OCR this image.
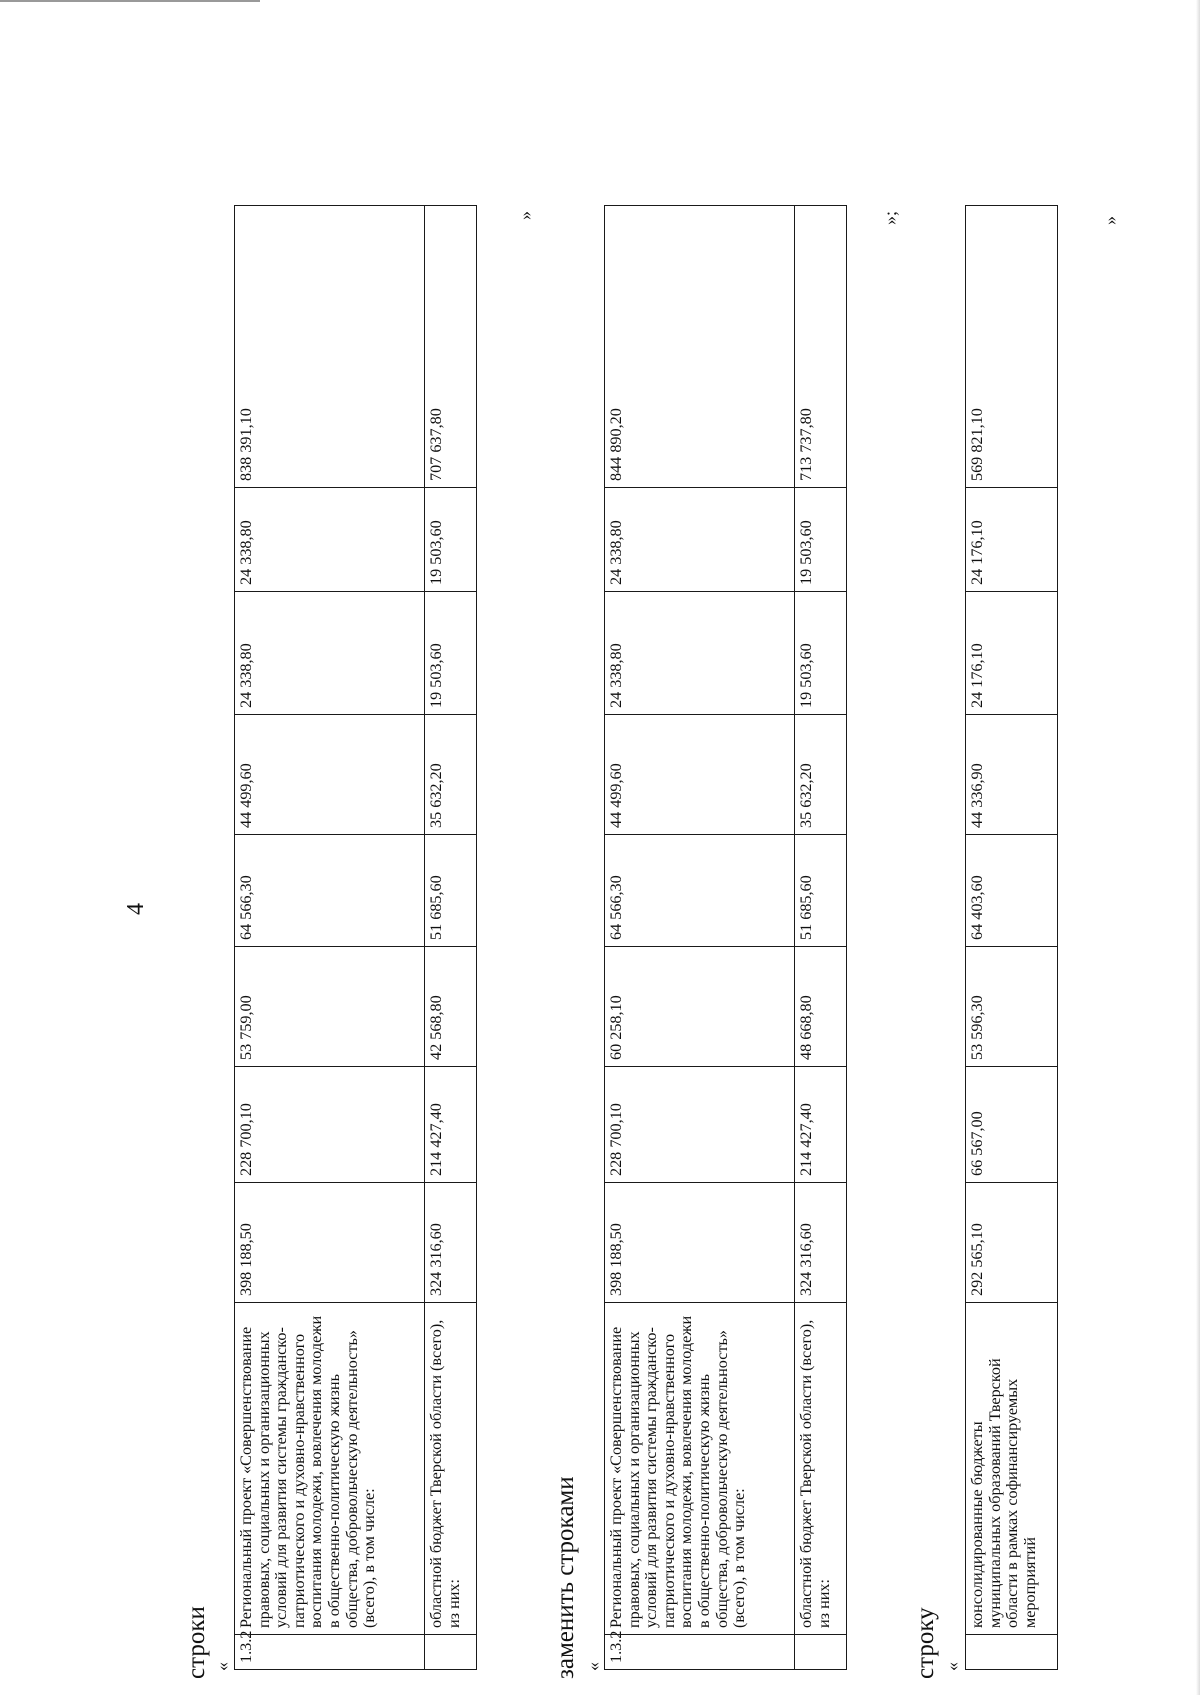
4
строки «
1.3.2	Региональный проект «Совершенствование правовых, социальных и организационных условий для развития системы гражданско-патриотического и духовно-нравственного воспитания молодежи, вовлечения молодежи в общественно-политическую жизнь общества, добровольческую деятельность» (всего), в том числе:	398 188,50	228 700,10	53 759,00	64 566,30	44 499,60	24 338,80	24 338,80	838 391,10
	областной бюджет Тверской области (всего), из них:	324 316,60	214 427,40	42 568,80	51 685,60	35 632,20	19 503,60	19 503,60	707 637,80
»
заменить строками «
1.3.2	Региональный проект «Совершенствование правовых, социальных и организационных условий для развития системы гражданско-патриотического и духовно-нравственного воспитания молодежи, вовлечения молодежи в общественно-политическую жизнь общества, добровольческую деятельность» (всего), в том числе:	398 188,50	228 700,10	60 258,10	64 566,30	44 499,60	24 338,80	24 338,80	844 890,20
	областной бюджет Тверской области (всего), из них:	324 316,60	214 427,40	48 668,80	51 685,60	35 632,20	19 503,60	19 503,60	713 737,80
»;
строку «
	консолидированные бюджеты муниципальных образований Тверской области в рамках софинансируемых мероприятий	292 565,10	66 567,00	53 596,30	64 403,60	44 336,90	24 176,10	24 176,10	569 821,10
»
